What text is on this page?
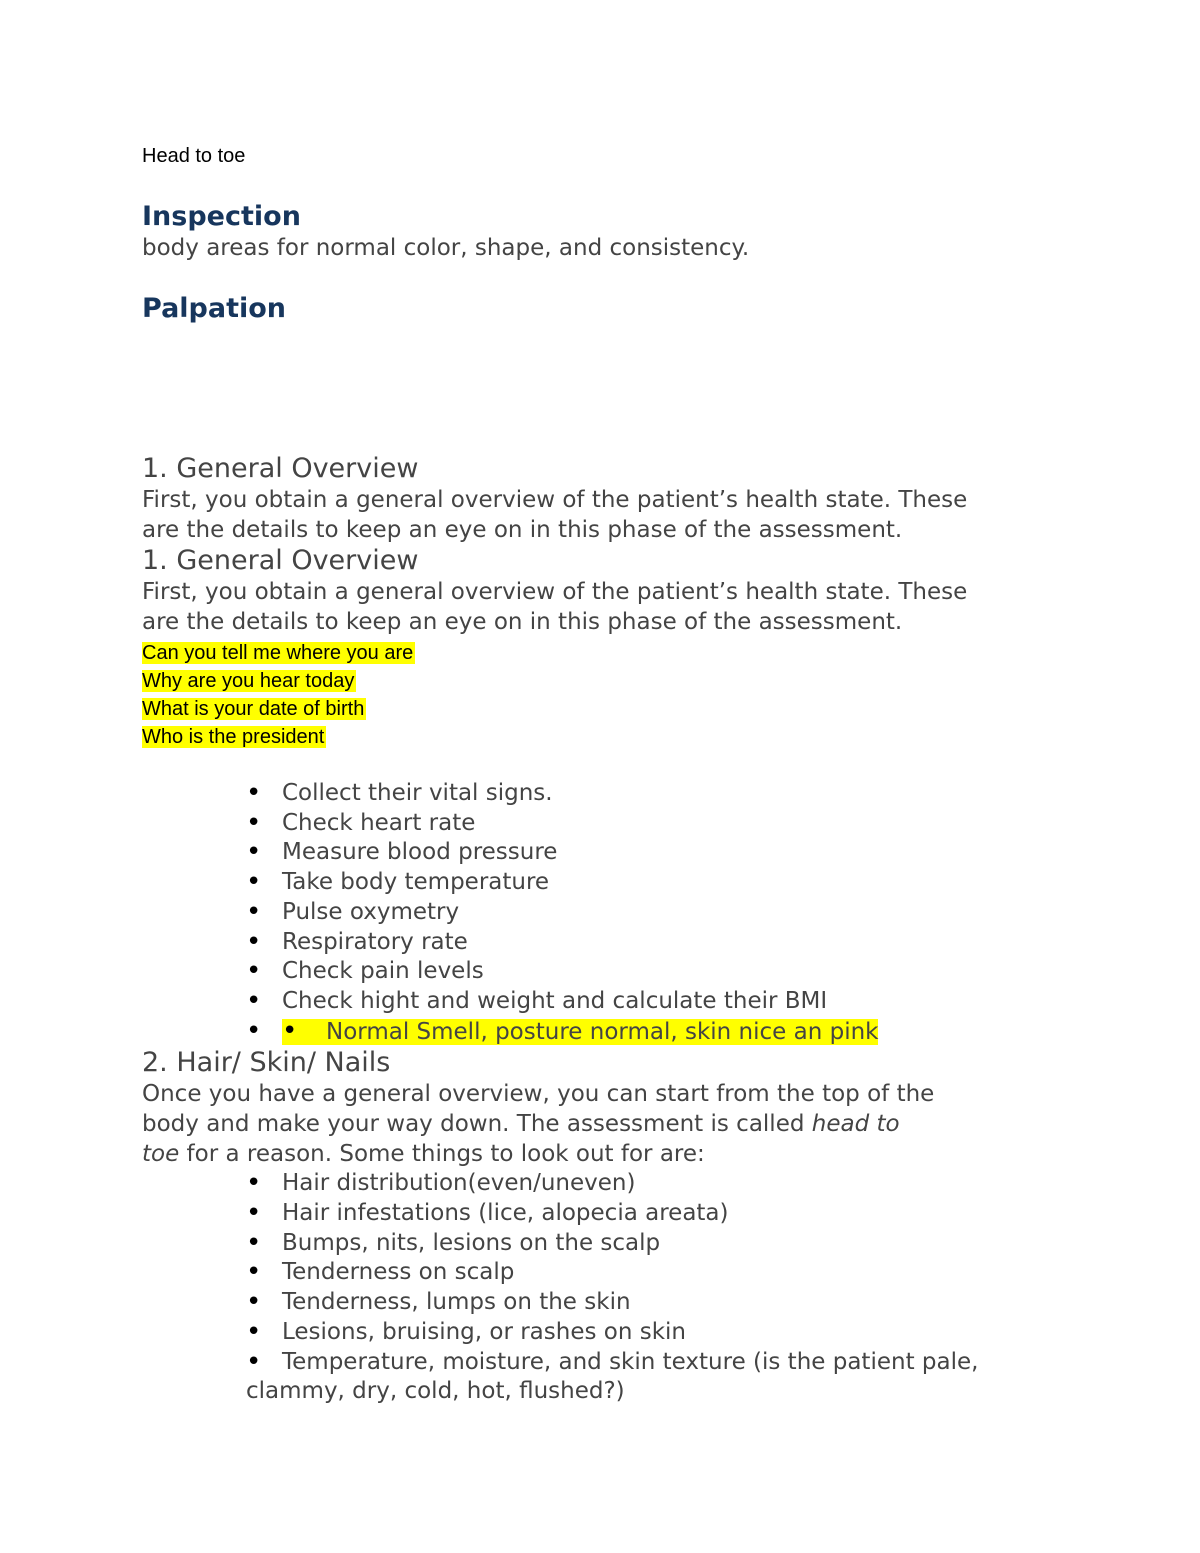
Head to toe

Inspection

body areas for normal color, shape, and consistency.

Palpation
1. General Overview

First, you obtain a general overview of the patient’s health state. These

are the details to keep an eye on in this phase of the assessment.

1. General Overview

First, you obtain a general overview of the patient’s health state. These

are the details to keep an eye on in this phase of the assessment.

Can you tell me where you are

Why are you hear today

What is your date of birth

Who is the president

• Collect their vital signs.
• Check heart rate
• Measure blood pressure
• Take body temperature
• Pulse oxymetry
• Respiratory rate
• Check pain levels
• Check hight and weight and calculate their BMI
• • Normal Smell, posture normal, skin nice an pink
2. Hair/ Skin/ Nails

Once you have a general overview, you can start from the top of the

body and make your way down. The assessment is called head to

toe for a reason. Some things to look out for are:

• Hair distribution(even/uneven)
• Hair infestations (lice, alopecia areata)
• Bumps, nits, lesions on the scalp
• Tenderness on scalp
• Tenderness, lumps on the skin
• Lesions, bruising, or rashes on skin
• Temperature, moisture, and skin texture (is the patient pale,
clammy, dry, cold, hot, flushed?)
